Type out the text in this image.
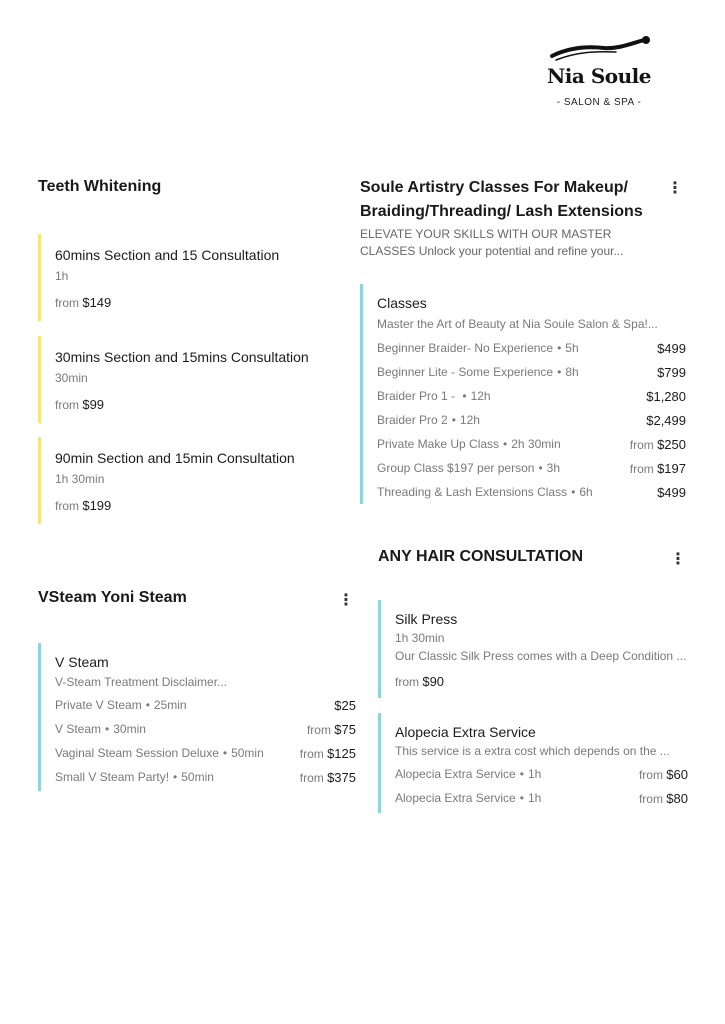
Nia Soule
- SALON & SPA -
Teeth Whitening
60mins Section and 15 Consultation
1h
from $149
30mins Section and 15mins Consultation
30min
from $99
90min Section and 15min Consultation
1h 30min
from $199
Soule Artistry Classes For Makeup/
Braiding/Threading/ Lash Extensions
ELEVATE YOUR SKILLS WITH OUR MASTER
CLASSES Unlock your potential and refine your...
⋮
Classes
Master the Art of Beauty at Nia Soule Salon & Spa!...
Beginner Braider- No Experience • 5h	$499
Beginner Lite - Some Experience • 8h	$799
Braider Pro 1 - • 12h	$1,280
Braider Pro 2 • 12h	$2,499
Private Make Up Class • 2h 30min	from $250
Group Class $197 per person • 3h	from $197
Threading & Lash Extensions Class • 6h	$499
VSteam Yoni Steam	⋮
V Steam
V-Steam Treatment Disclaimer...
Private V Steam • 25min	$25
V Steam • 30min	from $75
Vaginal Steam Session Deluxe • 50min	from $125
Small V Steam Party! • 50min	from $375
ANY HAIR CONSULTATION	⋮
Silk Press
1h 30min
Our Classic Silk Press comes with a Deep Condition ...
from $90
Alopecia Extra Service
This service is a extra cost which depends on the ...
Alopecia Extra Service • 1h	from $60
Alopecia Extra Service • 1h	from $80
